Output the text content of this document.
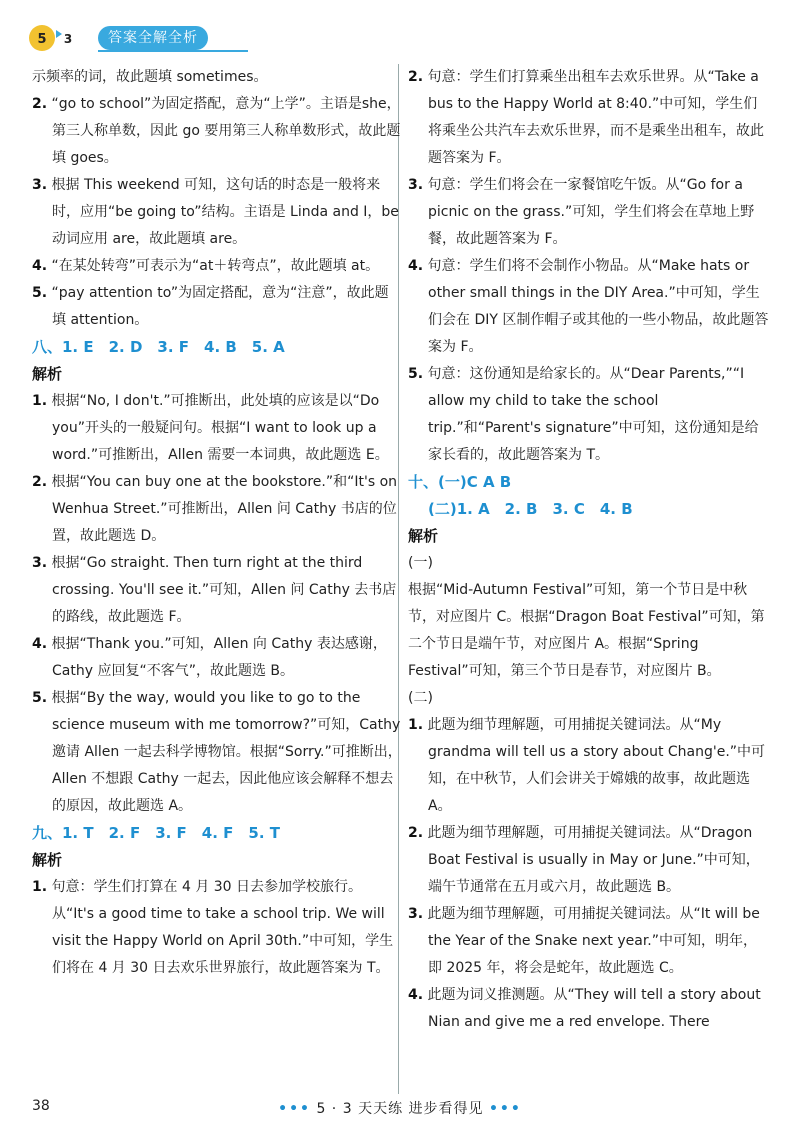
5 3	答案全解全析

示频率的词，故此题填 sometimes。

2. “go to school”为固定搭配，意为“上学”。主语是she，第三人称单数，因此 go 要用第三人称单数形式，故此题填 goes。

3. 根据 This weekend 可知，这句话的时态是一般将来时，应用“be going to”结构。主语是 Linda and I，be 动词应用 are，故此题填 are。

4. “在某处转弯”可表示为“at＋转弯点”，故此题填 at。

5. “pay attention to”为固定搭配，意为“注意”，故此题填 attention。

八、1. E　2. D　3. F　4. B　5. A

解析

1. 根据“No, I don't.”可推断出，此处填的应该是以“Do you”开头的一般疑问句。根据“I want to look up a word.”可推断出，Allen 需要一本词典，故此题选 E。

2. 根据“You can buy one at the bookstore.”和“It's on Wenhua Street.”可推断出，Allen 问 Cathy 书店的位置，故此题选 D。

3. 根据“Go straight. Then turn right at the third crossing. You'll see it.”可知，Allen 问 Cathy 去书店的路线，故此题选 F。

4. 根据“Thank you.”可知，Allen 向 Cathy 表达感谢，Cathy 应回复“不客气”，故此题选 B。

5. 根据“By the way, would you like to go to the science museum with me tomorrow?”可知，Cathy 邀请 Allen 一起去科学博物馆。根据“Sorry.”可推断出，Allen 不想跟 Cathy 一起去，因此他应该会解释不想去的原因，故此题选 A。

九、1. T　2. F　3. F　4. F　5. T

解析

1. 句意：学生们打算在 4 月 30 日去参加学校旅行。从“It's a good time to take a school trip. We will visit the Happy World on April 30th.”中可知，学生们将在 4 月 30 日去欢乐世界旅行，故此题答案为 T。

2. 句意：学生们打算乘坐出租车去欢乐世界。从“Take a bus to the Happy World at 8:40.”中可知，学生们将乘坐公共汽车去欢乐世界，而不是乘坐出租车，故此题答案为 F。

3. 句意：学生们将会在一家餐馆吃午饭。从“Go for a picnic on the grass.”可知，学生们将会在草地上野餐，故此题答案为 F。

4. 句意：学生们将不会制作小物品。从“Make hats or other small things in the DIY Area.”中可知，学生们会在 DIY 区制作帽子或其他的一些小物品，故此题答案为 F。

5. 句意：这份通知是给家长的。从“Dear Parents,”“I allow my child to take the school trip.”和“Parent's signature”中可知，这份通知是给家长看的，故此题答案为 T。

十、(一)C A B

(二)1. A　2. B　3. C　4. B

解析

(一)

根据“Mid-Autumn Festival”可知，第一个节日是中秋节，对应图片 C。根据“Dragon Boat Festival”可知，第二个节日是端午节，对应图片 A。根据“Spring Festival”可知，第三个节日是春节，对应图片 B。

(二)

1. 此题为细节理解题，可用捕捉关键词法。从“My grandma will tell us a story about Chang'e.”中可知，在中秋节，人们会讲关于嫦娥的故事，故此题选 A。

2. 此题为细节理解题，可用捕捉关键词法。从“Dragon Boat Festival is usually in May or June.”中可知，端午节通常在五月或六月，故此题选 B。

3. 此题为细节理解题，可用捕捉关键词法。从“It will be the Year of the Snake next year.”中可知，明年，即 2025 年，将会是蛇年，故此题选 C。

4. 此题为词义推测题。从“They will tell a story about Nian and give me a red envelope. There

38	••• 5 · 3 天天练 进步看得见 •••
